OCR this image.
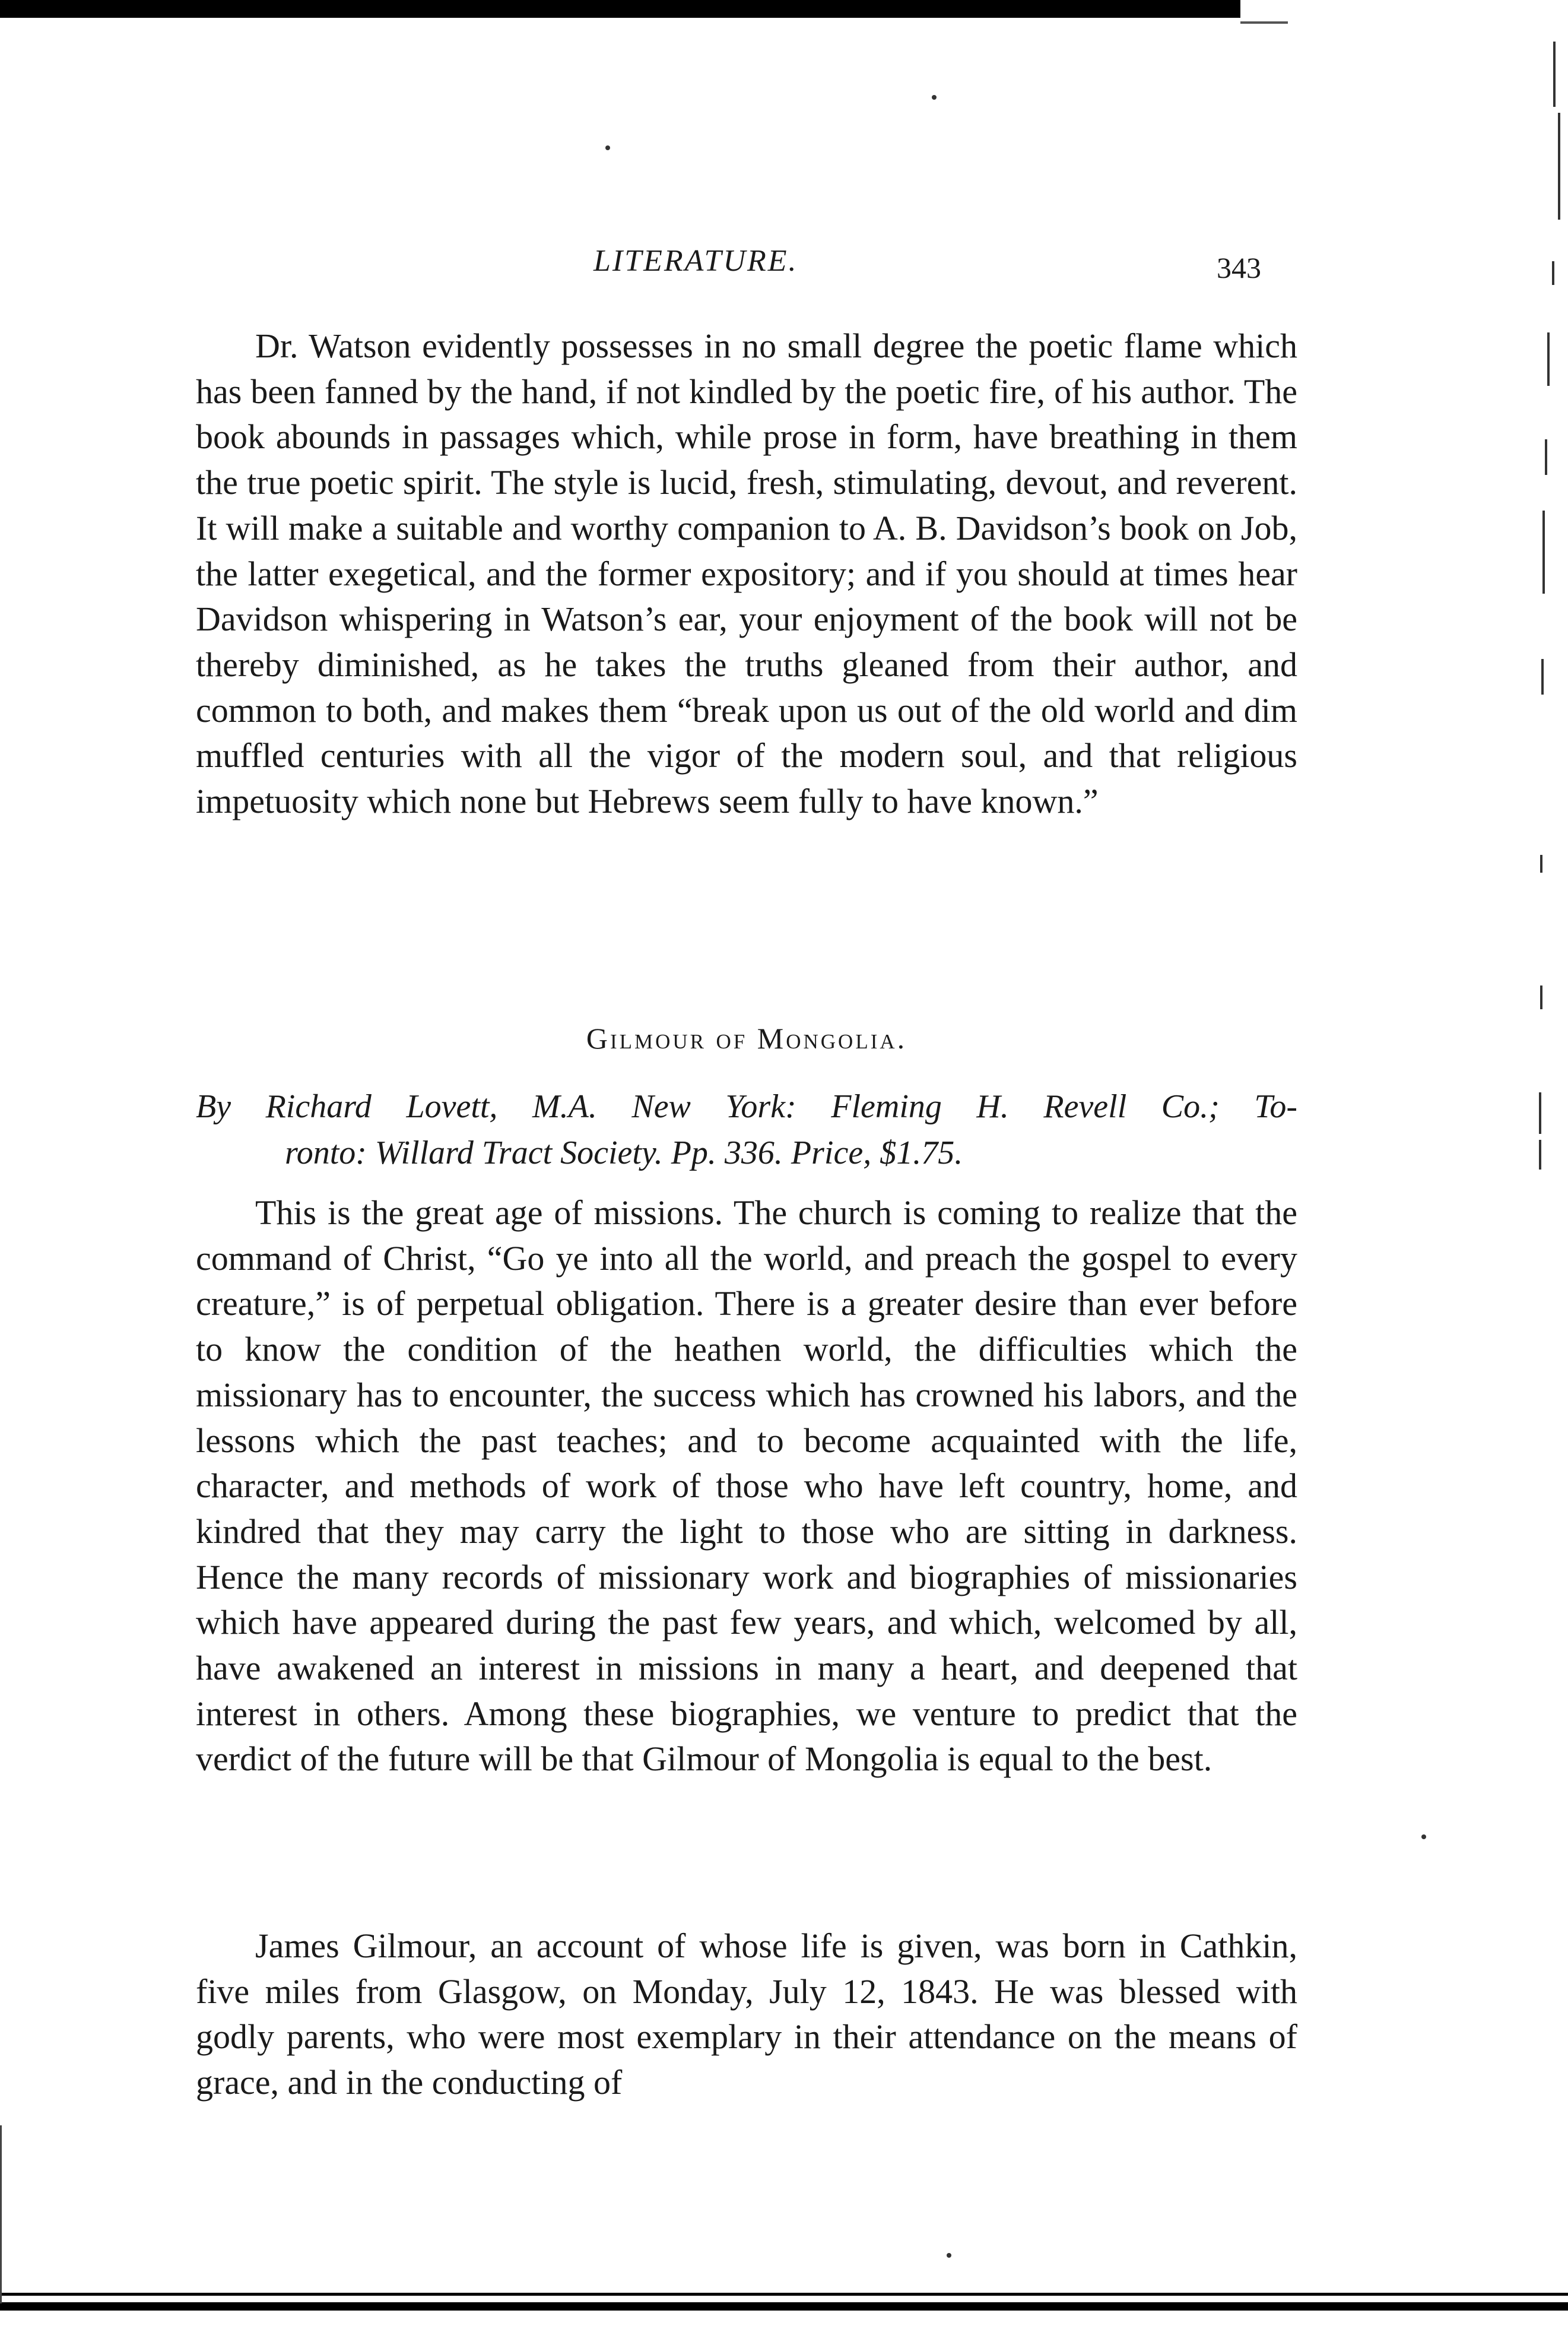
LITERATURE.	343

Dr. Watson evidently possesses in no small degree the poetic flame which has been fanned by the hand, if not kindled by the poetic fire, of his author. The book abounds in passages which, while prose in form, have breathing in them the true poetic spirit. The style is lucid, fresh, stimulating, devout, and reverent. It will make a suitable and worthy companion to A. B. Davidson’s book on Job, the latter exegetical, and the former expository; and if you should at times hear Davidson whispering in Watson’s ear, your enjoyment of the book will not be thereby diminished, as he takes the truths gleaned from their author, and common to both, and makes them “break upon us out of the old world and dim muffled centuries with all the vigor of the modern soul, and that religious impetuosity which none but Hebrews seem fully to have known.”

Gilmour of Mongolia.
By Richard Lovett, M.A. New York: Fleming H. Revell Co.; To-
ronto: Willard Tract Society. Pp. 336. Price, $1.75.

This is the great age of missions. The church is coming to realize that the command of Christ, “Go ye into all the world, and preach the gospel to every creature,” is of perpetual obligation. There is a greater desire than ever before to know the condition of the heathen world, the difficulties which the missionary has to encounter, the success which has crowned his labors, and the lessons which the past teaches; and to become acquainted with the life, character, and methods of work of those who have left country, home, and kindred that they may carry the light to those who are sitting in darkness. Hence the many records of missionary work and biographies of missionaries which have appeared during the past few years, and which, welcomed by all, have awakened an interest in missions in many a heart, and deepened that interest in others. Among these biographies, we venture to predict that the verdict of the future will be that Gilmour of Mongolia is equal to the best.

James Gilmour, an account of whose life is given, was born in Cathkin, five miles from Glasgow, on Monday, July 12, 1843. He was blessed with godly parents, who were most exemplary in their attendance on the means of grace, and in the conducting of
